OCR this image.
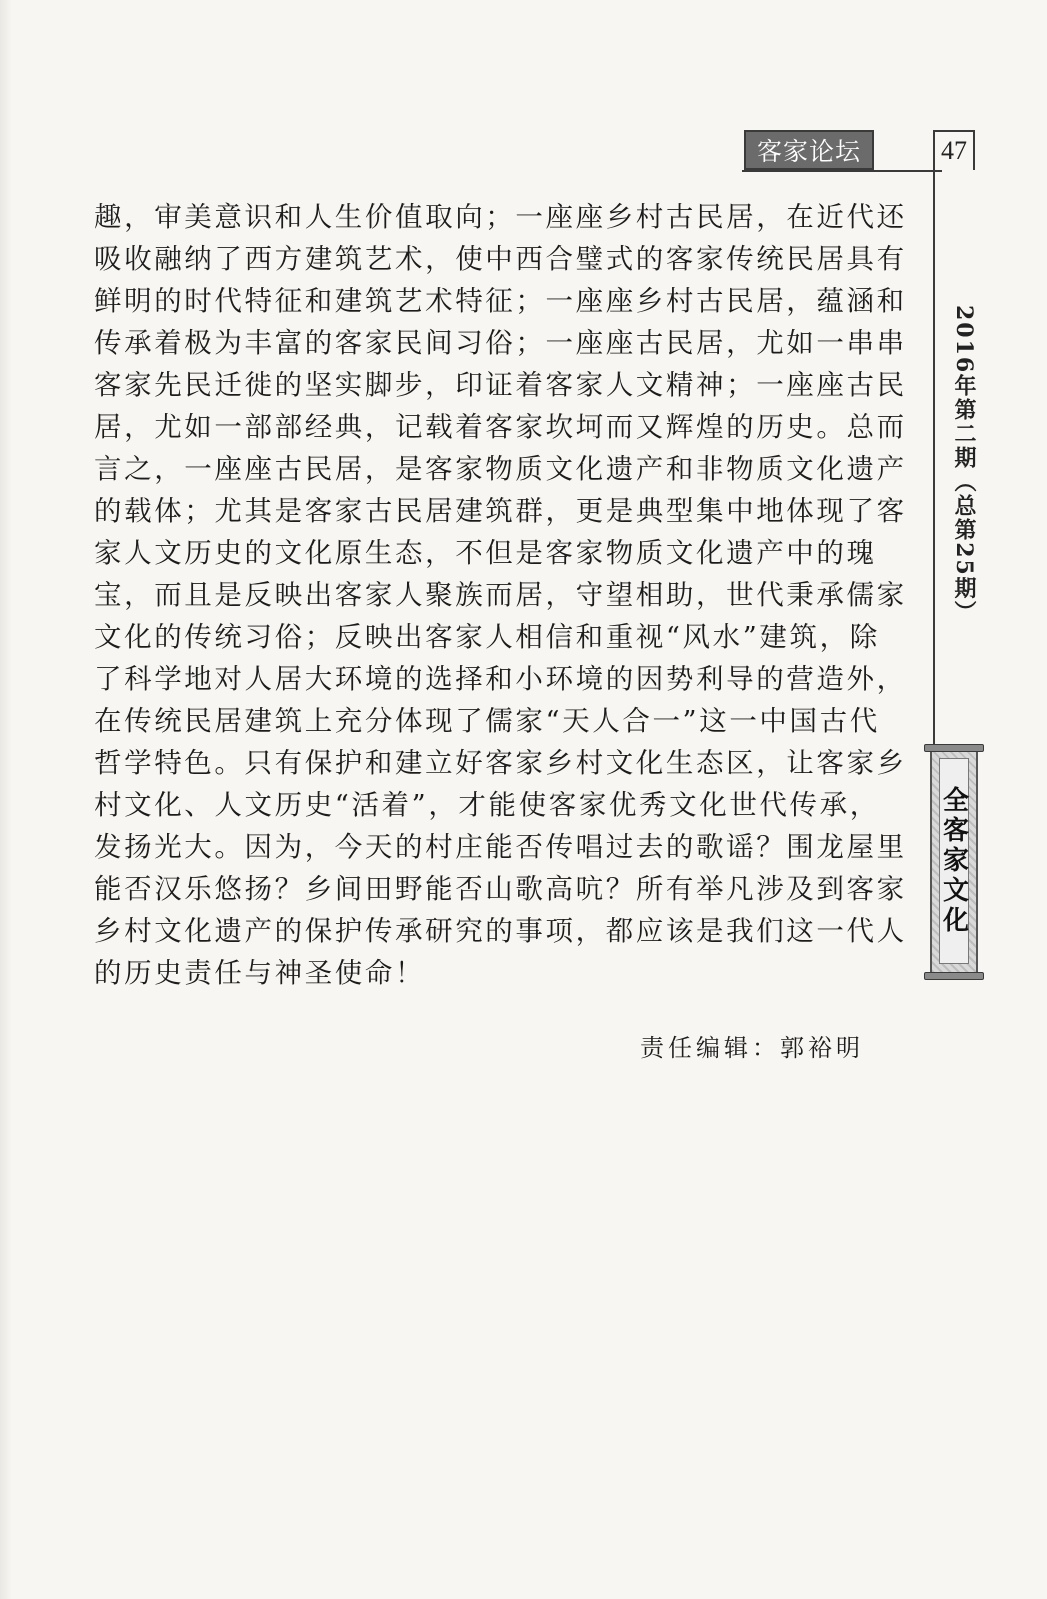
客家论坛	47
2016年第二期（总第25期）
全客家文化
趣，审美意识和人生价值取向；一座座乡村古民居，在近代还
吸收融纳了西方建筑艺术，使中西合璧式的客家传统民居具有
鲜明的时代特征和建筑艺术特征；一座座乡村古民居，蕴涵和
传承着极为丰富的客家民间习俗；一座座古民居，尤如一串串
客家先民迁徙的坚实脚步，印证着客家人文精神；一座座古民
居，尤如一部部经典，记载着客家坎坷而又辉煌的历史。总而
言之，一座座古民居，是客家物质文化遗产和非物质文化遗产
的载体；尤其是客家古民居建筑群，更是典型集中地体现了客
家人文历史的文化原生态，不但是客家物质文化遗产中的瑰
宝，而且是反映出客家人聚族而居，守望相助，世代秉承儒家
文化的传统习俗；反映出客家人相信和重视“风水”建筑，除
了科学地对人居大环境的选择和小环境的因势利导的营造外，
在传统民居建筑上充分体现了儒家“天人合一”这一中国古代
哲学特色。只有保护和建立好客家乡村文化生态区，让客家乡
村文化、人文历史“活着”，才能使客家优秀文化世代传承，
发扬光大。因为，今天的村庄能否传唱过去的歌谣？围龙屋里
能否汉乐悠扬？乡间田野能否山歌高吭？所有举凡涉及到客家
乡村文化遗产的保护传承研究的事项，都应该是我们这一代人
的历史责任与神圣使命！
责任编辑：郭裕明
